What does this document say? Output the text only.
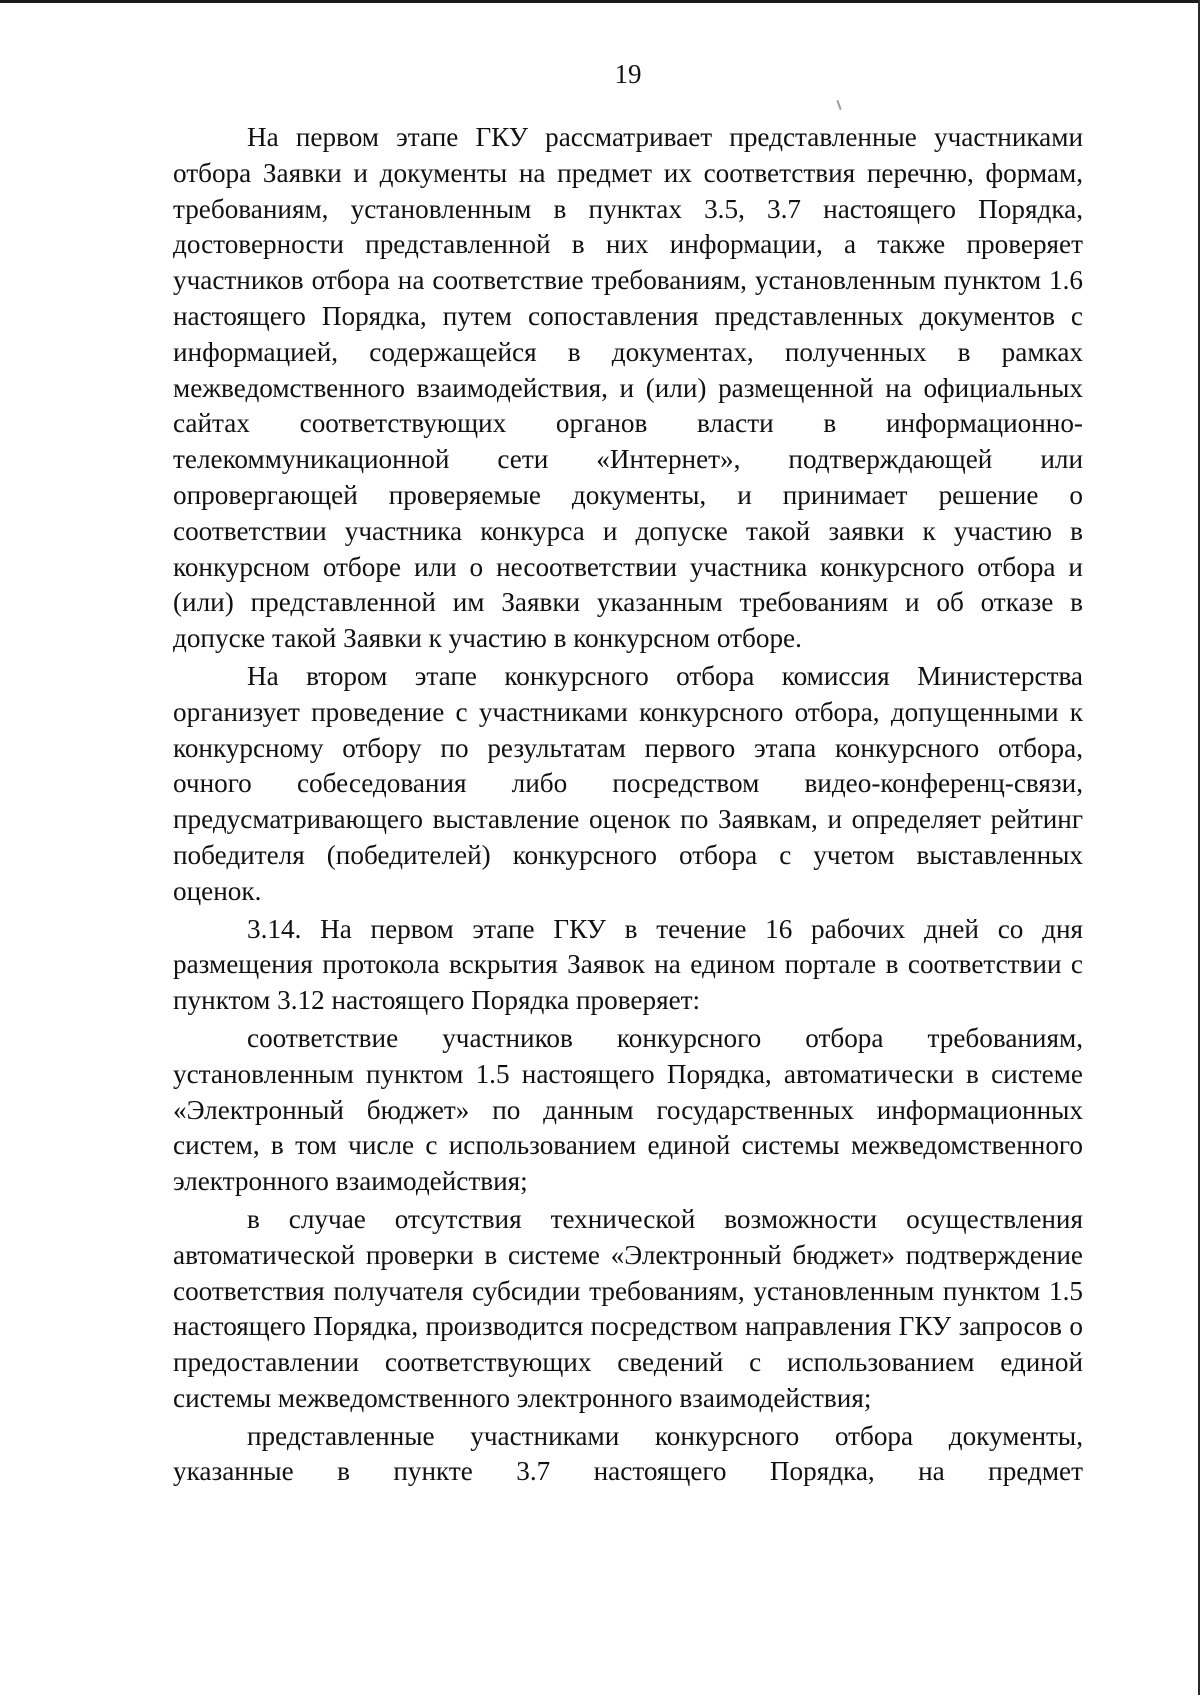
19

На первом этапе ГКУ рассматривает представленные участниками отбора Заявки и документы на предмет их соответствия перечню, формам, требованиям, установленным в пунктах 3.5, 3.7 настоящего Порядка, достоверности представленной в них информации, а также проверяет участников отбора на соответствие требованиям, установленным пунктом 1.6 настоящего Порядка, путем сопоставления представленных документов с информацией, содержащейся в документах, полученных в рамках межведомственного взаимодействия, и (или) размещенной на официальных сайтах соответствующих органов власти в информационно-телекоммуникационной сети «Интернет», подтверждающей или опровергающей проверяемые документы, и принимает решение о соответствии участника конкурса и допуске такой заявки к участию в конкурсном отборе или о несоответствии участника конкурсного отбора и (или) представленной им Заявки указанным требованиям и об отказе в допуске такой Заявки к участию в конкурсном отборе.

На втором этапе конкурсного отбора комиссия Министерства организует проведение с участниками конкурсного отбора, допущенными к конкурсному отбору по результатам первого этапа конкурсного отбора, очного собеседования либо посредством видео-конференц-связи, предусматривающего выставление оценок по Заявкам, и определяет рейтинг победителя (победителей) конкурсного отбора с учетом выставленных оценок.

3.14. На первом этапе ГКУ в течение 16 рабочих дней со дня размещения протокола вскрытия Заявок на едином портале в соответствии с пунктом 3.12 настоящего Порядка проверяет:

соответствие участников конкурсного отбора требованиям, установленным пунктом 1.5 настоящего Порядка, автоматически в системе «Электронный бюджет» по данным государственных информационных систем, в том числе с использованием единой системы межведомственного электронного взаимодействия;

в случае отсутствия технической возможности осуществления автоматической проверки в системе «Электронный бюджет» подтверждение соответствия получателя субсидии требованиям, установленным пунктом 1.5 настоящего Порядка, производится посредством направления ГКУ запросов о предоставлении соответствующих сведений с использованием единой системы межведомственного электронного взаимодействия;

представленные участниками конкурсного отбора документы, указанные в пункте 3.7 настоящего Порядка, на предмет
